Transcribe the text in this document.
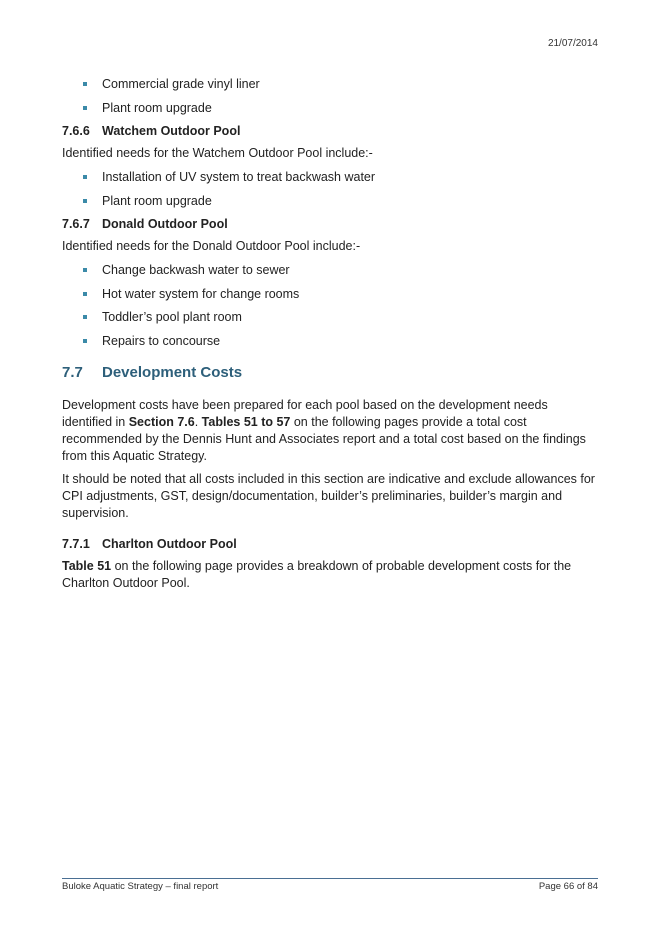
21/07/2014
Commercial grade vinyl liner
Plant room upgrade
7.6.6 Watchem Outdoor Pool
Identified needs for the Watchem Outdoor Pool include:-
Installation of UV system to treat backwash water
Plant room upgrade
7.6.7 Donald Outdoor Pool
Identified needs for the Donald Outdoor Pool include:-
Change backwash water to sewer
Hot water system for change rooms
Toddler’s pool plant room
Repairs to concourse
7.7 Development Costs

Development costs have been prepared for each pool based on the development needs identified in Section 7.6. Tables 51 to 57 on the following pages provide a total cost recommended by the Dennis Hunt and Associates report and a total cost based on the findings from this Aquatic Strategy.

It should be noted that all costs included in this section are indicative and exclude allowances for CPI adjustments, GST, design/documentation, builder’s preliminaries, builder’s margin and supervision.

7.7.1 Charlton Outdoor Pool

Table 51 on the following page provides a breakdown of probable development costs for the Charlton Outdoor Pool.

Buloke Aquatic Strategy – final report	Page 66 of 84
